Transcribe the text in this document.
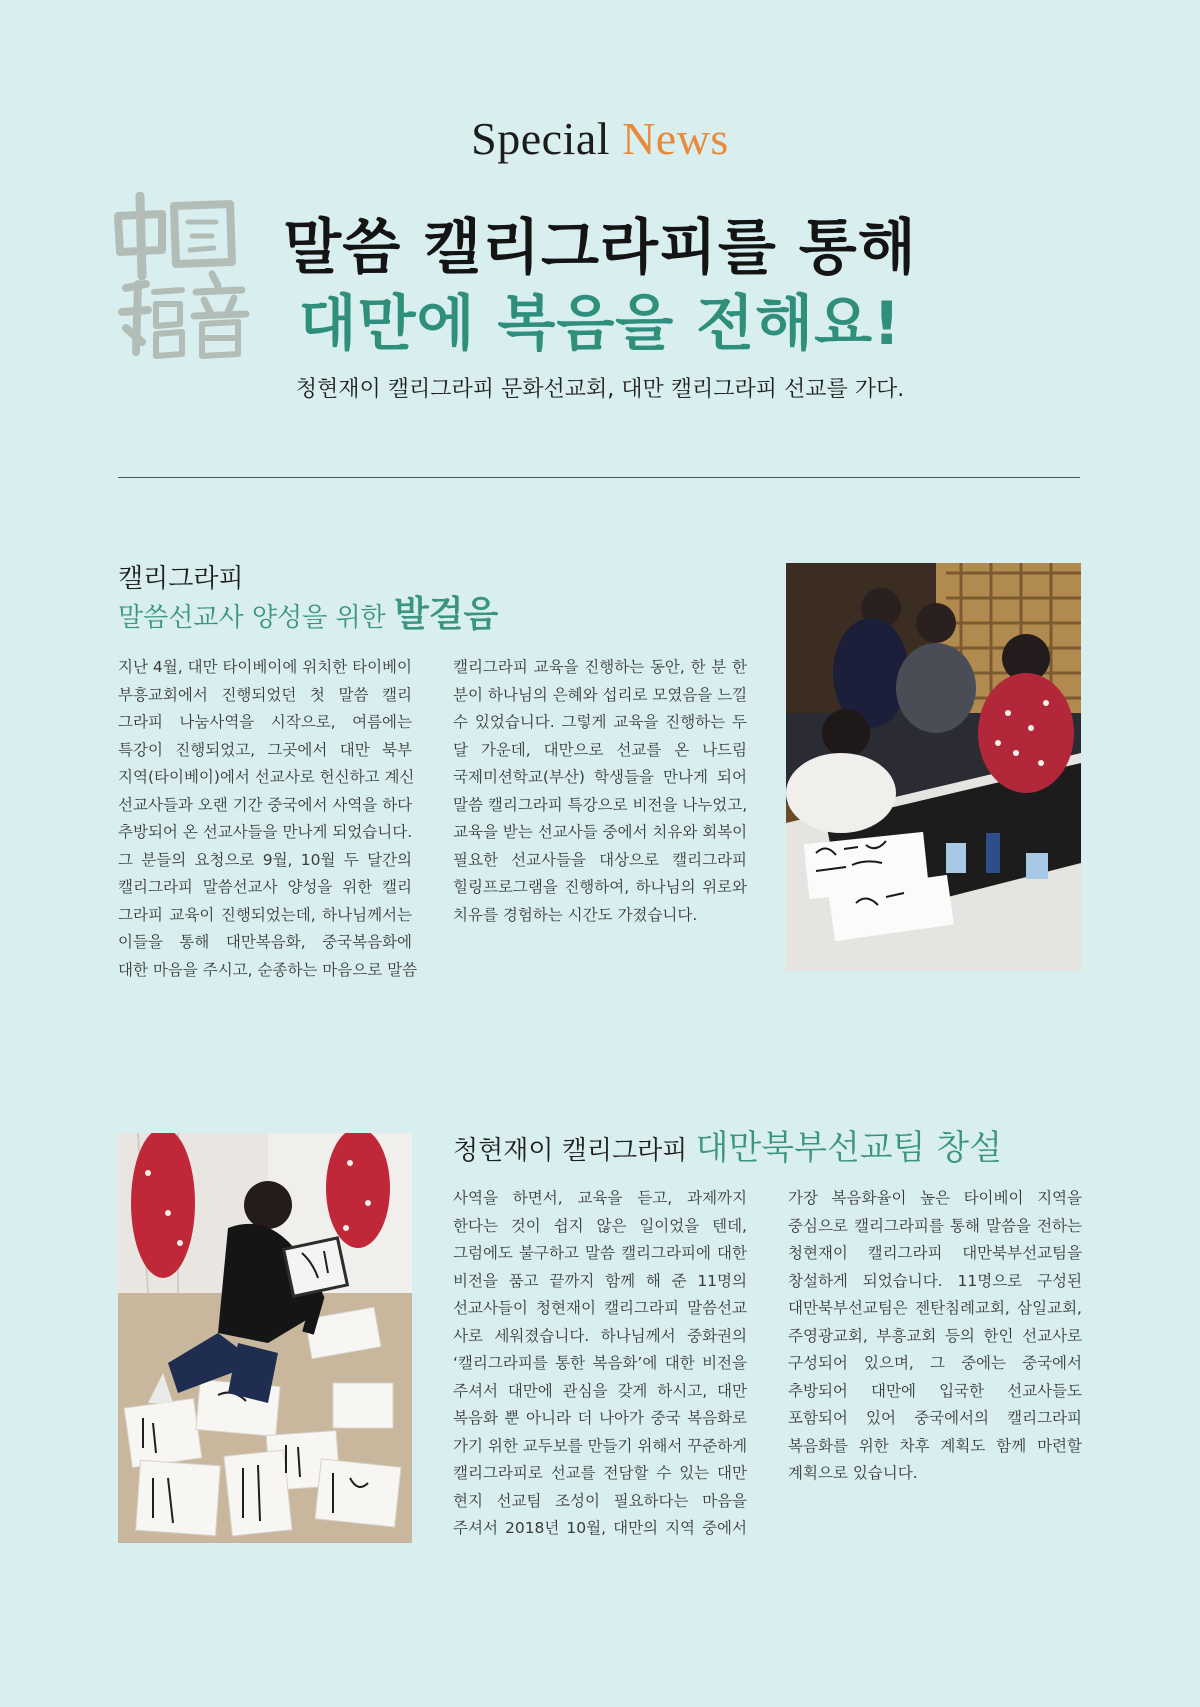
Special News
말씀 캘리그라피를 통해
대만에 복음을 전해요!
청현재이 캘리그라피 문화선교회, 대만 캘리그라피 선교를 가다.
캘리그라피
말씀선교사 양성을 위한 발걸음
지난 4월, 대만 타이베이에 위치한 타이베이
부흥교회에서 진행되었던 첫 말씀 캘리
그라피 나눔사역을 시작으로, 여름에는
특강이 진행되었고, 그곳에서 대만 북부
지역(타이베이)에서 선교사로 헌신하고 계신
선교사들과 오랜 기간 중국에서 사역을 하다
추방되어 온 선교사들을 만나게 되었습니다.
그 분들의 요청으로 9월, 10월 두 달간의
캘리그라피 말씀선교사 양성을 위한 캘리
그라피 교육이 진행되었는데, 하나님께서는
이들을 통해 대만복음화, 중국복음화에
대한 마음을 주시고, 순종하는 마음으로 말씀
캘리그라피 교육을 진행하는 동안, 한 분 한
분이 하나님의 은혜와 섭리로 모였음을 느낄
수 있었습니다. 그렇게 교육을 진행하는 두
달 가운데, 대만으로 선교를 온 나드림
국제미션학교(부산) 학생들을 만나게 되어
말씀 캘리그라피 특강으로 비전을 나누었고,
교육을 받는 선교사들 중에서 치유와 회복이
필요한 선교사들을 대상으로 캘리그라피
힐링프로그램을 진행하여, 하나님의 위로와
치유를 경험하는 시간도 가졌습니다.
청현재이 캘리그라피 대만북부선교팀 창설
사역을 하면서, 교육을 듣고, 과제까지
한다는 것이 쉽지 않은 일이었을 텐데,
그럼에도 불구하고 말씀 캘리그라피에 대한
비전을 품고 끝까지 함께 해 준 11명의
선교사들이 청현재이 캘리그라피 말씀선교
사로 세워졌습니다. 하나님께서 중화권의
‘캘리그라피를 통한 복음화’에 대한 비전을
주셔서 대만에 관심을 갖게 하시고, 대만
복음화 뿐 아니라 더 나아가 중국 복음화로
가기 위한 교두보를 만들기 위해서 꾸준하게
캘리그라피로 선교를 전담할 수 있는 대만
현지 선교팀 조성이 필요하다는 마음을
주셔서 2018년 10월, 대만의 지역 중에서
가장 복음화율이 높은 타이베이 지역을
중심으로 캘리그라피를 통해 말씀을 전하는
청현재이 캘리그라피 대만북부선교팀을
창설하게 되었습니다. 11명으로 구성된
대만북부선교팀은 젠탄침례교회, 삼일교회,
주영광교회, 부흥교회 등의 한인 선교사로
구성되어 있으며, 그 중에는 중국에서
추방되어 대만에 입국한 선교사들도
포함되어 있어 중국에서의 캘리그라피
복음화를 위한 차후 계획도 함께 마련할
계획으로 있습니다.
